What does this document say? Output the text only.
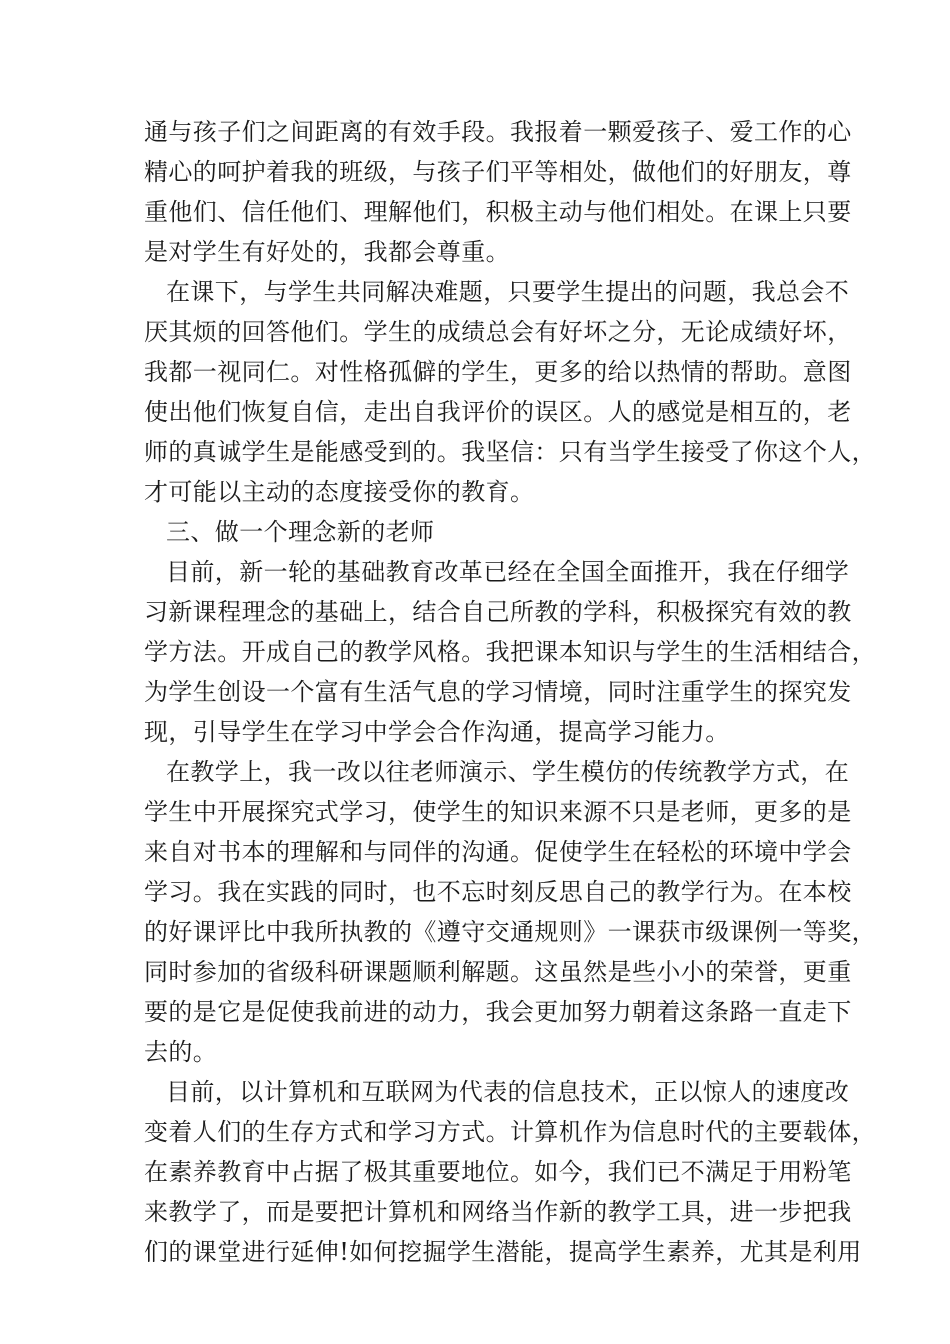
通与孩子们之间距离的有效手段。我报着一颗爱孩子、爱工作的心
精心的呵护着我的班级，与孩子们平等相处，做他们的好朋友，尊
重他们、信任他们、理解他们，积极主动与他们相处。在课上只要
是对学生有好处的，我都会尊重。
在课下，与学生共同解决难题，只要学生提出的问题，我总会不
厌其烦的回答他们。学生的成绩总会有好坏之分，无论成绩好坏，
我都一视同仁。对性格孤僻的学生，更多的给以热情的帮助。意图
使出他们恢复自信，走出自我评价的误区。人的感觉是相互的，老
师的真诚学生是能感受到的。我坚信：只有当学生接受了你这个人，
才可能以主动的态度接受你的教育。
三、做一个理念新的老师
目前，新一轮的基础教育改革已经在全国全面推开，我在仔细学
习新课程理念的基础上，结合自己所教的学科，积极探究有效的教
学方法。开成自己的教学风格。我把课本知识与学生的生活相结合，
为学生创设一个富有生活气息的学习情境，同时注重学生的探究发
现，引导学生在学习中学会合作沟通，提高学习能力。
在教学上，我一改以往老师演示、学生模仿的传统教学方式，在
学生中开展探究式学习，使学生的知识来源不只是老师，更多的是
来自对书本的理解和与同伴的沟通。促使学生在轻松的环境中学会
学习。我在实践的同时，也不忘时刻反思自己的教学行为。在本校
的好课评比中我所执教的《遵守交通规则》一课获市级课例一等奖，
同时参加的省级科研课题顺利解题。这虽然是些小小的荣誉，更重
要的是它是促使我前进的动力，我会更加努力朝着这条路一直走下
去的。
目前，以计算机和互联网为代表的信息技术，正以惊人的速度改
变着人们的生存方式和学习方式。计算机作为信息时代的主要载体，
在素养教育中占据了极其重要地位。如今，我们已不满足于用粉笔
来教学了，而是要把计算机和网络当作新的教学工具，进一步把我
们的课堂进行延伸!如何挖掘学生潜能，提高学生素养，尤其是利用
